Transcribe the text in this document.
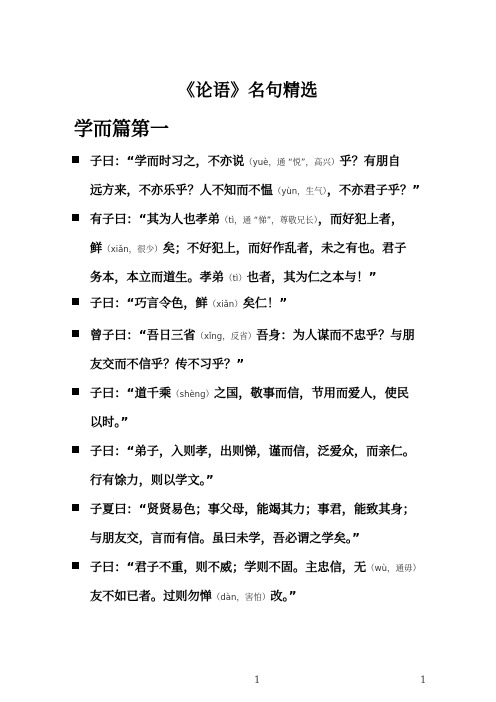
《论语》名句精选
学而篇第一
子曰：“学而时习之，不亦说（yuè，通 “悦”，高兴）乎？有朋自
远方来，不亦乐乎？人不知而不愠（yùn，生气），不亦君子乎？”
有子曰：“其为人也孝弟（tì，通 “悌”，尊敬兄长），而好犯上者，
鲜（xiǎn，很少）矣；不好犯上，而好作乱者，未之有也。君子
务本，本立而道生。孝弟（tì）也者，其为仁之本与！”
子曰：“巧言令色，鲜（xiǎn）矣仁！”
曾子曰：“吾日三省（xǐng，反省）吾身：为人谋而不忠乎？与朋
友交而不信乎？传不习乎？”
子曰：“道千乘（shèng）之国，敬事而信，节用而爱人，使民
以时。”
子曰：“弟子，入则孝，出则悌，谨而信，泛爱众，而亲仁。
行有馀力，则以学文。”
子夏曰：“贤贤易色；事父母，能竭其力；事君，能致其身；
与朋友交，言而有信。虽曰未学，吾必谓之学矣。”
子曰：“君子不重，则不威；学则不固。主忠信，无（wù，通毋）
友不如已者。过则勿惮（dàn，害怕）改。”
1	1
